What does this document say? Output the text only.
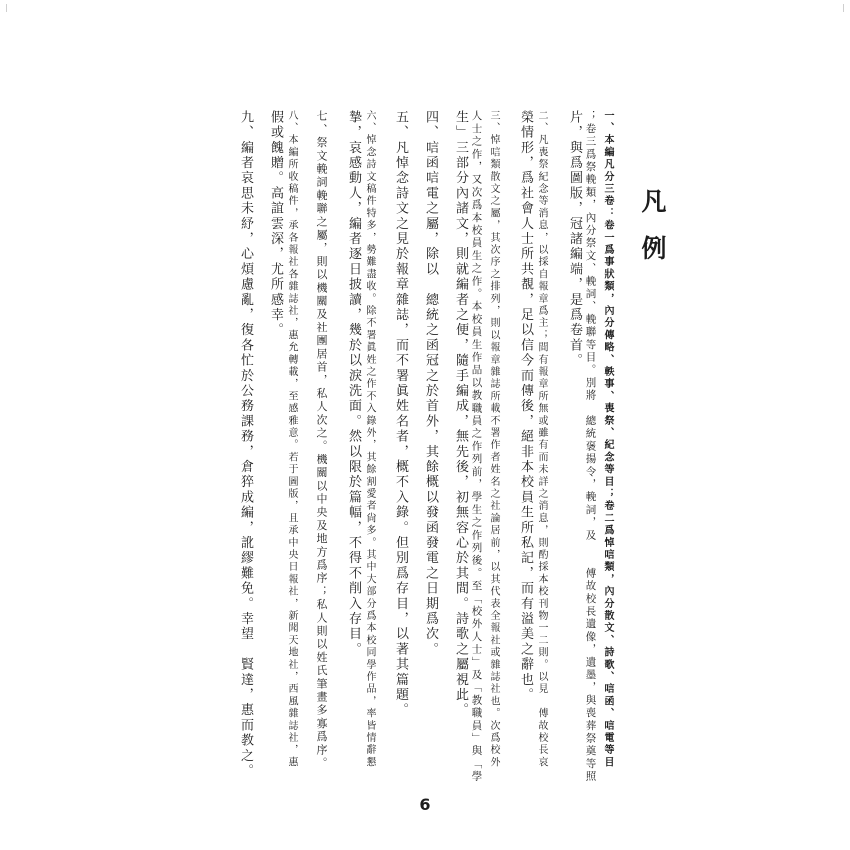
凡例
一、本編凡分三卷：卷一爲事狀類，內分傳略、軼事、喪祭、紀念等目；卷二爲悼唁類，內分散文、詩歌、唁函、唁電等目
；卷三爲祭輓類，內分祭文、輓詞、輓聯等目。別將　總統褒揚令，輓詞，及　　傅故校長遺像，遺墨，與喪葬祭奠等照
片，與爲圖版，冠諸編端，是爲卷首。
二、凡喪祭紀念等消息，以採自報章爲主；間有報章所無或雖有而未詳之消息，則酌採本校刊物一二則。以見　傅故校長哀
榮情形，爲社會人士所共覩，足以信今而傳後，絕非本校員生所私記，而有溢美之辭也。
三、悼唁類散文之屬，其次序之排列，則以報章雜誌所載不署作者姓名之社論居前，以其代表全報社或雜誌社也。次爲校外
人士之作，又次爲本校員生之作。本校員生作品以教職員之作列前，學生之作列後。至「校外人士」及「教職員」與「學
生」三部分內諸文，則就編者之便，隨手編成，無先後，初無容心於其間。詩歌之屬視此。
四、唁函唁電之屬，除以　總統之函冠之於首外，其餘概以發函發電之日期爲次。
五、凡悼念詩文之見於報章雜誌，而不署眞姓名者，概不入錄。但別爲存目，以著其篇題。
六、悼念詩文稿件特多，勢難盡收。除不署眞姓之作不入錄外，其餘割愛者尙多。其中大部分爲本校同學作品，率皆情辭懇
摯，哀感動人，編者逐日披讀，幾於以淚洗面。然以限於篇幅，不得不削入存目。
七、祭文輓詞輓聯之屬，則以機關及社團居首，私人次之。機關以中央及地方爲序；私人則以姓氏筆畫多寡爲序。
八、本編所收稿件，承各報社各雜誌社，惠允轉載，至感雅意。若于圖版，且承中央日報社，新聞天地社，西風雜誌社，惠
假或餽贈。高誼雲深，尤所感幸。
九、編者哀思未紓，心煩慮亂，復各忙於公務課務，倉猝成編，訛繆難免。幸望　賢達，惠而教之。
6
